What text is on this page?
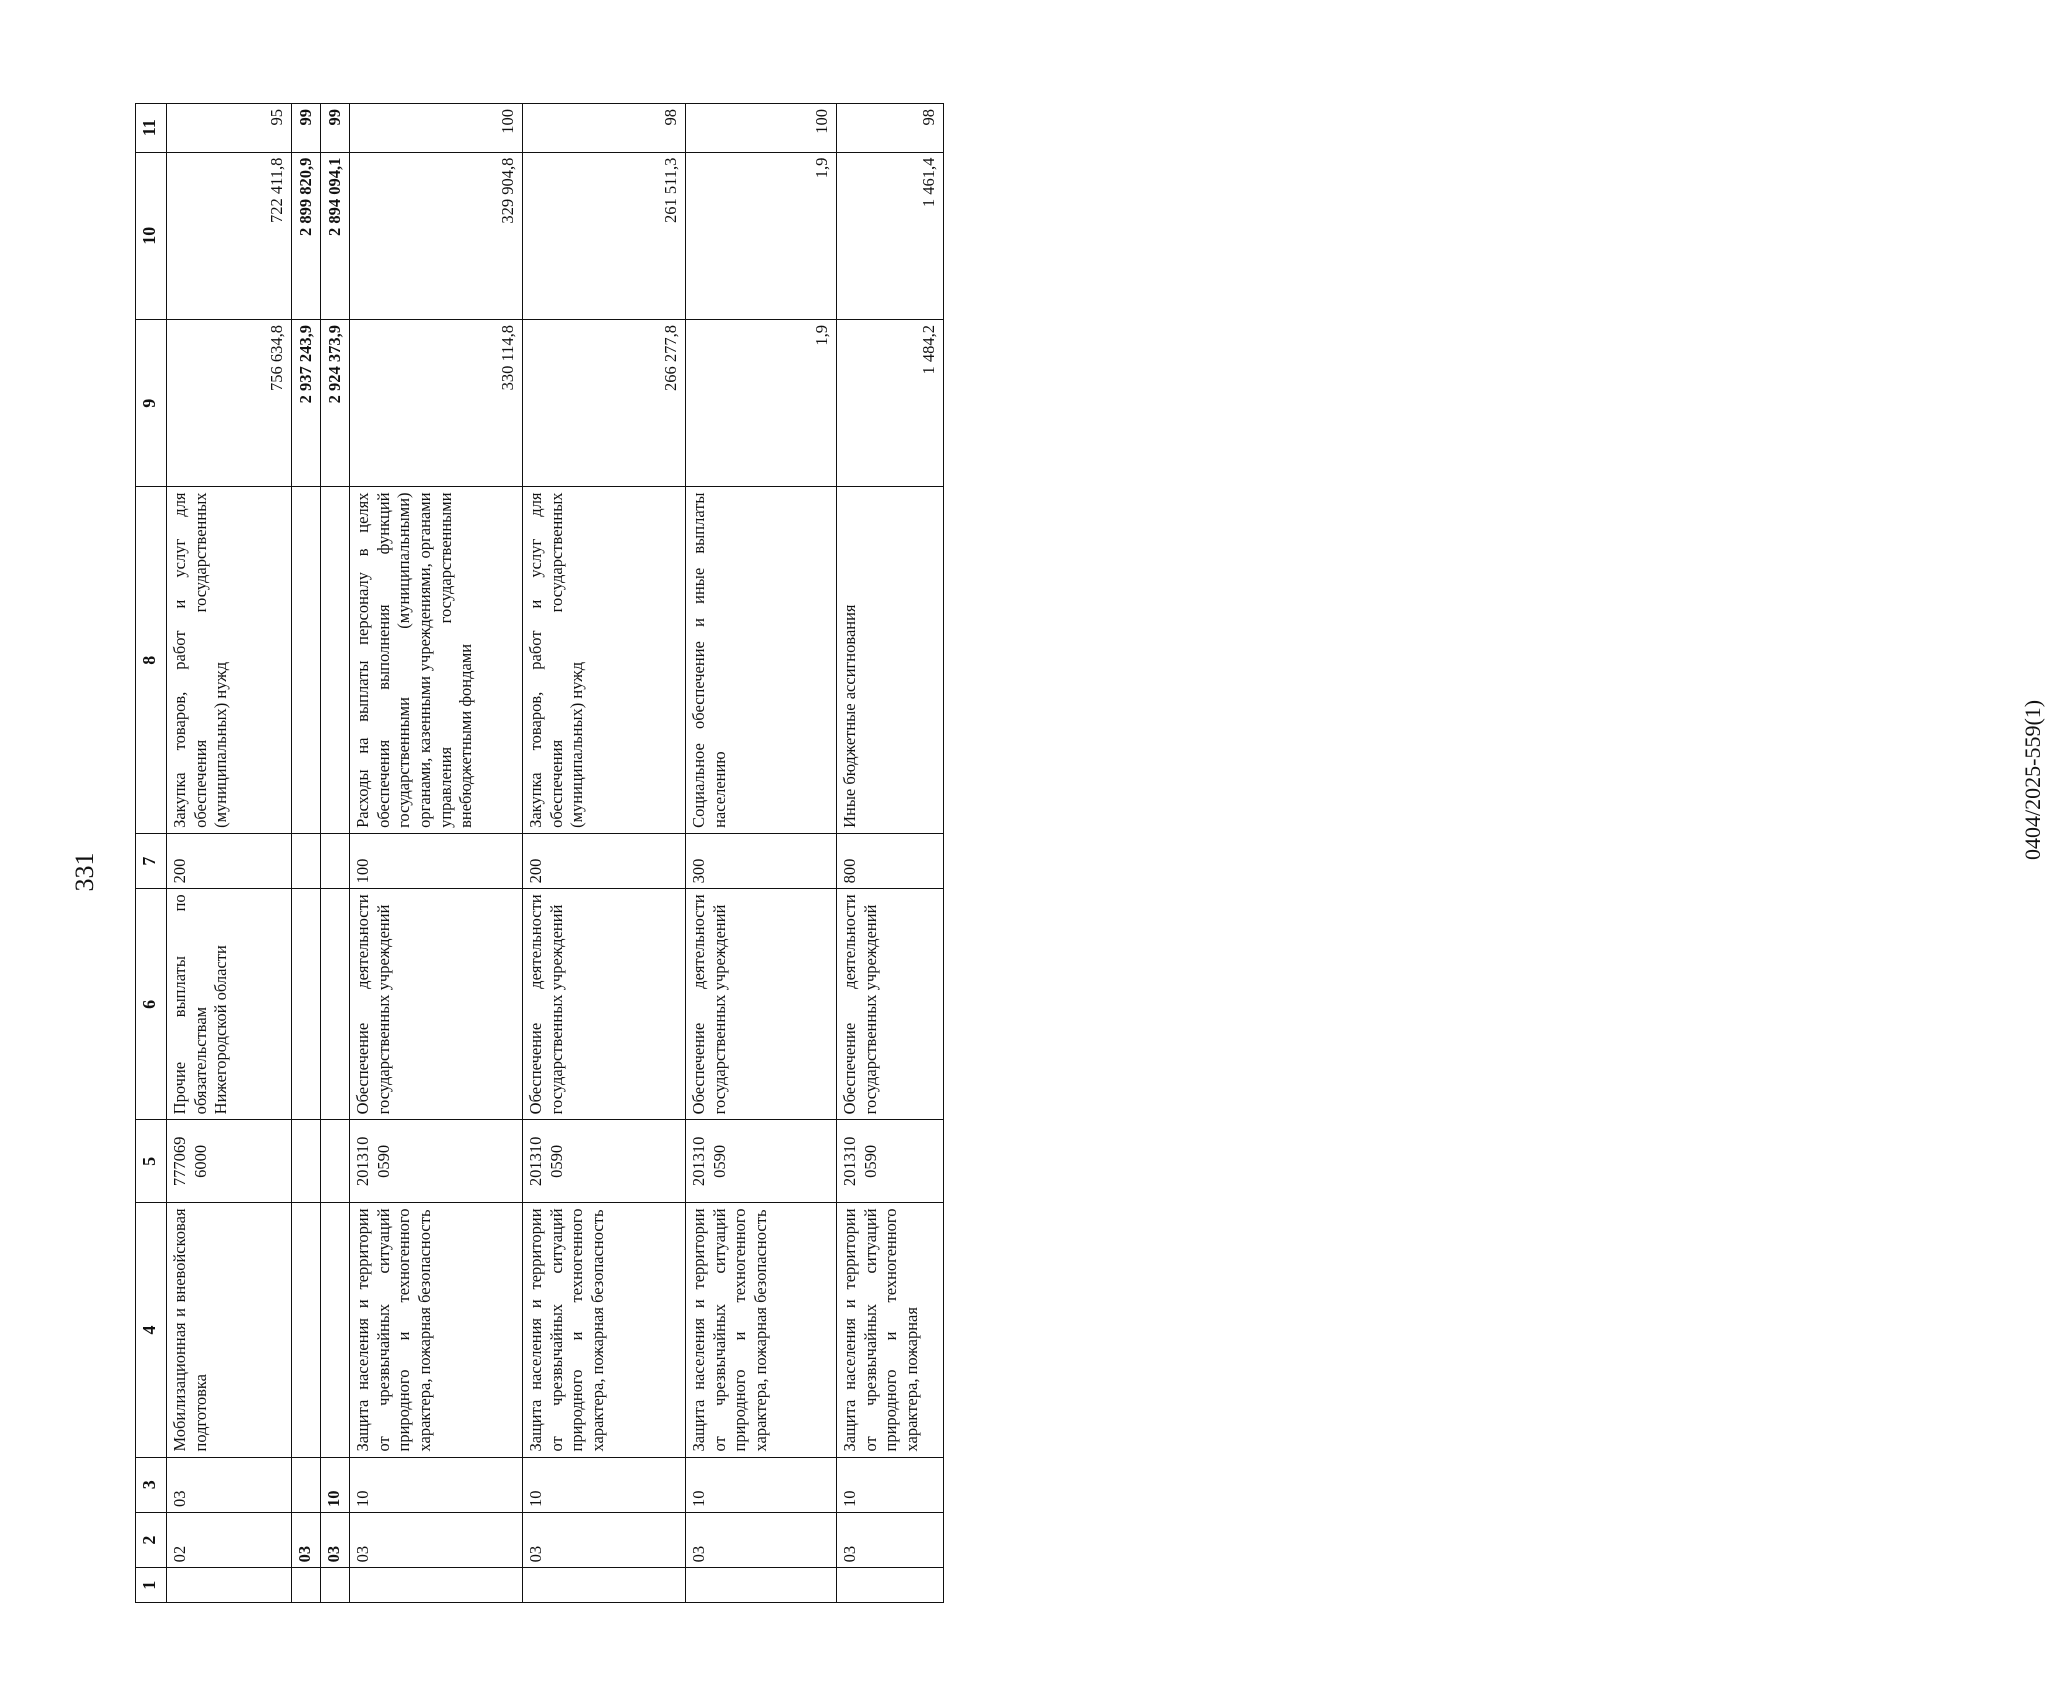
331
0404/2025-559(1)
1	2	3	4	5	6	7	8	9	10	11
	02	03	Мобилизационная и вневойсковая подготовка	777069 6000	Прочие выплаты по обязательствам Нижегородской области	200	Закупка товаров, работ и услуг для обеспечения государственных (муниципальных) нужд	756 634,8	722 411,8	95
	03							2 937 243,9	2 899 820,9	99
	03	10						2 924 373,9	2 894 094,1	99
	03	10	Защита населения и территории от чрезвычайных ситуаций природного и техногенного характера, пожарная безопасность	201310 0590	Обеспечение деятельности государственных учреждений	100	Расходы на выплаты персоналу в целях обеспечения выполнения функций государственными (муниципальными) органами, казенными учреждениями, органами управления государственными внебюджетными фондами	330 114,8	329 904,8	100
	03	10	Защита населения и территории от чрезвычайных ситуаций природного и техногенного характера, пожарная безопасность	201310 0590	Обеспечение деятельности государственных учреждений	200	Закупка товаров, работ и услуг для обеспечения государственных (муниципальных) нужд	266 277,8	261 511,3	98
	03	10	Защита населения и территории от чрезвычайных ситуаций природного и техногенного характера, пожарная безопасность	201310 0590	Обеспечение деятельности государственных учреждений	300	Социальное обеспечение и иные выплаты населению	1,9	1,9	100
	03	10	Защита населения и территории от чрезвычайных ситуаций природного и техногенного характера, пожарная	201310 0590	Обеспечение деятельности государственных учреждений	800	Иные бюджетные ассигнования	1 484,2	1 461,4	98
